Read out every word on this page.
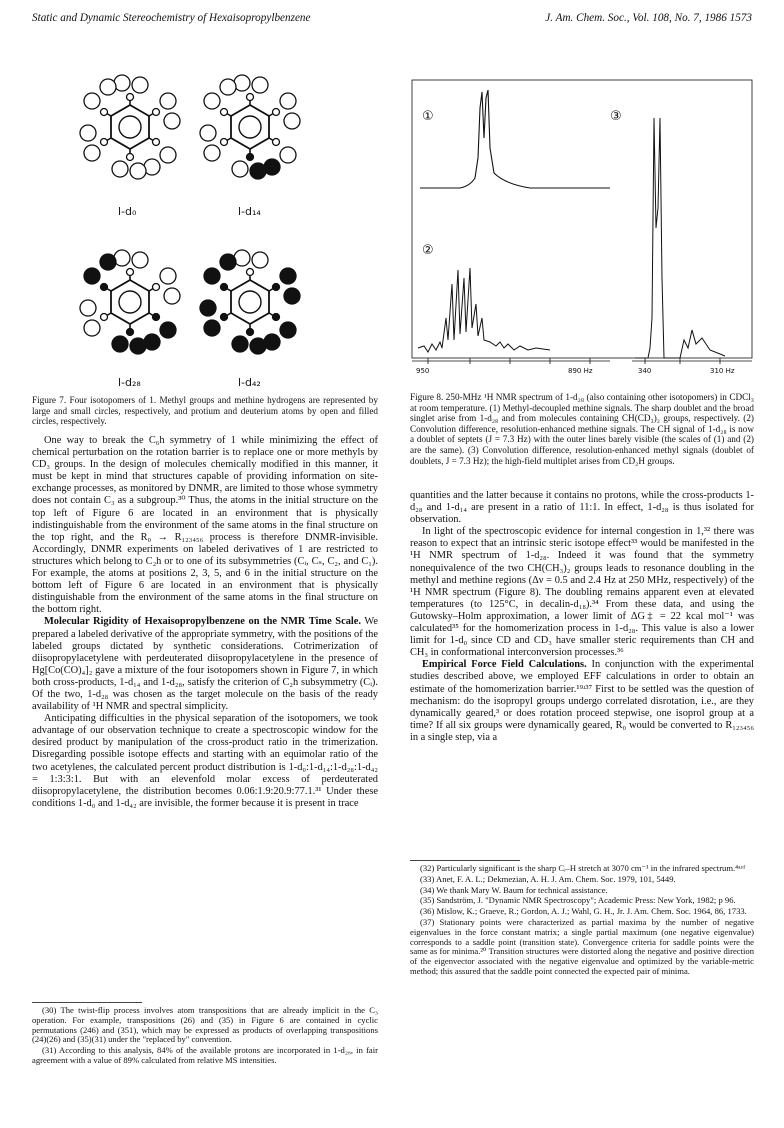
Static and Dynamic Stereochemistry of Hexaisopropylbenzene	J. Am. Chem. Soc., Vol. 108, No. 7, 1986 1573
l-d₀	l-d₁₄
l-d₂₈	l-d₄₂

Figure 7. Four isotopomers of 1. Methyl groups and methine hydrogens are represented by large and small circles, respectively, and protium and deuterium atoms by open and filled circles, respectively.

One way to break the C₆h symmetry of 1 while minimizing the effect of chemical perturbation on the rotation barrier is to replace one or more methyls by CD₃ groups. In the design of molecules chemically modified in this manner, it must be kept in mind that structures capable of providing information on site-exchange processes, as monitored by DNMR, are limited to those whose symmetry does not contain C₃ as a subgroup.³⁰ Thus, the atoms in the initial structure on the top left of Figure 6 are located in an environment that is physically indistinguishable from the environment of the same atoms in the final structure on the top right, and the R₀ → R₁₂₃₄₅₆ process is therefore DNMR-invisible. Accordingly, DNMR experiments on labeled derivatives of 1 are restricted to structures which belong to C₂h or to one of its subsymmetries (Cᵢ, Cₛ, C₂, and C₁). For example, the atoms at positions 2, 3, 5, and 6 in the initial structure on the bottom left of Figure 6 are located in an environment that is physically distinguishable from the environment of the same atoms in the final structure on the bottom right.

Molecular Rigidity of Hexaisopropylbenzene on the NMR Time Scale. We prepared a labeled derivative of the appropriate symmetry, with the positions of the labeled groups dictated by synthetic considerations. Cotrimerization of diisopropylacetylene with perdeuterated diisopropylacetylene in the presence of Hg[Co(CO)₄]₂ gave a mixture of the four isotopomers shown in Figure 7, in which both cross-products, 1-d₁₄ and 1-d₂₈, satisfy the criterion of C₂h subsymmetry (Cᵢ). Of the two, 1-d₂₈ was chosen as the target molecule on the basis of the ready availability of ¹H NMR and spectral simplicity.

Anticipating difficulties in the physical separation of the isotopomers, we took advantage of our observation technique to create a spectroscopic window for the desired product by manipulation of the cross-product ratio in the trimerization. Disregarding possible isotope effects and starting with an equimolar ratio of the two acetylenes, the calculated percent product distribution is 1-d₀:1-d₁₄:1-d₂₈:1-d₄₂ = 1:3:3:1. But with an elevenfold molar excess of perdeuterated diisopropylacetylene, the distribution becomes 0.06:1.9:20.9:77.1.³¹ Under these conditions 1-d₀ and 1-d₄₂ are invisible, the former because it is present in trace

(30) The twist-flip process involves atom transpositions that are already implicit in the C₃ operation. For example, transpositions (26) and (35) in Figure 6 are contained in cyclic permutations (246) and (351), which may be expressed as products of overlapping transpositions (24)(26) and (35)(31) under the "replaced by" convention.

(31) According to this analysis, 84% of the available protons are incorporated in 1-d₂₈, in fair agreement with a value of 89% calculated from relative MS intensities.

①
②
③
950	890 Hz	340	310 Hz

Figure 8. 250-MHz ¹H NMR spectrum of 1-d₂₈ (also containing other isotopomers) in CDCl₃ at room temperature. (1) Methyl-decoupled methine signals. The sharp doublet and the broad singlet arise from 1-d₂₈ and from molecules containing CH(CD₃)₂ groups, respectively. (2) Convolution difference, resolution-enhanced methine signals. The CH signal of 1-d₂₈ is now a doublet of septets (J = 7.3 Hz) with the outer lines barely visible (the scales of (1) and (2) are the same). (3) Convolution difference, resolution-enhanced methyl signals (doublet of doublets, J = 7.3 Hz); the high-field multiplet arises from CD₂H groups.

quantities and the latter because it contains no protons, while the cross-products 1-d₂₈ and 1-d₁₄ are present in a ratio of 11:1. In effect, 1-d₂₈ is thus isolated for observation.

In light of the spectroscopic evidence for internal congestion in 1,³² there was reason to expect that an intrinsic steric isotope effect³³ would be manifested in the ¹H NMR spectrum of 1-d₂₈. Indeed it was found that the symmetry nonequivalence of the two CH(CH₃)₂ groups leads to resonance doubling in the methyl and methine regions (Δν = 0.5 and 2.4 Hz at 250 MHz, respectively) of the ¹H NMR spectrum (Figure 8). The doubling remains apparent even at elevated temperatures (to 125°C, in decalin-d₁₈).³⁴ From these data, and using the Gutowsky–Holm approximation, a lower limit of ΔG‡ = 22 kcal mol⁻¹ was calculated³⁵ for the homomerization process in 1-d₂₈. This value is also a lower limit for 1-d₀ since CD and CD₃ have smaller steric requirements than CH and CH₃ in conformational interconversion processes.³⁶

Empirical Force Field Calculations. In conjunction with the experimental studies described above, we employed EFF calculations in order to obtain an estimate of the homomerization barrier.¹⁹ʴ³⁷ First to be settled was the question of mechanism: do the isopropyl groups undergo correlated disrotation, i.e., are they dynamically geared,³ or does rotation proceed stepwise, one isoprol group at a time? If all six groups were dynamically geared, R₀ would be converted to R₁₂₃₄₅₆ in a single step, via a

(32) Particularly significant is the sharp Cᵢ–H stretch at 3070 cm⁻¹ in the infrared spectrum.⁴ᵃʴᵈ

(33) Anet, F. A. L.; Dekmezian, A. H. J. Am. Chem. Soc. 1979, 101, 5449.

(34) We thank Mary W. Baum for technical assistance.

(35) Sandström, J. "Dynamic NMR Spectroscopy"; Academic Press: New York, 1982; p 96.

(36) Mislow, K.; Graeve, R.; Gordon, A. J.; Wahl, G. H., Jr. J. Am. Chem. Soc. 1964, 86, 1733.

(37) Stationary points were characterized as partial maxima by the number of negative eigenvalues in the force constant matrix; a single partial maximum (one negative eigenvalue) corresponds to a saddle point (transition state). Convergence criteria for saddle points were the same as for minima.²⁰ Transition structures were distorted along the negative and positive direction of the eigenvector associated with the negative eigenvalue and optimized by the variable-metric method; this assured that the saddle point connected the expected pair of minima.
